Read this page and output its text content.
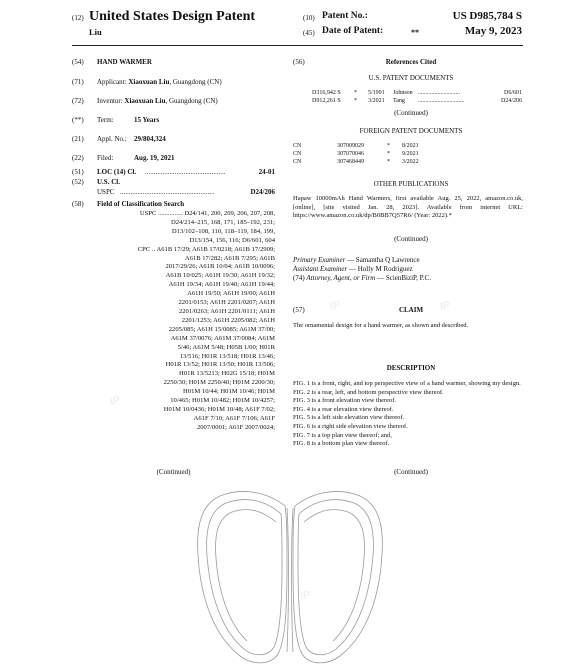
IP	IP
IP
IP
(12) United States Design Patent
Liu
(10) Patent No.:	US D985,784 S
(45) Date of Patent:	**	May 9, 2023
(54) HAND WARMER
(71) Applicant: Xiaoxuan Liu, Guangdong (CN)
(72) Inventor: Xiaoxuan Liu, Guangdong (CN)
(**) Term:	15 Years
(21) Appl. No.: 29/804,324
(22) Filed:	Aug. 19, 2021
(51) LOC (14) Cl. ..............................................	24-01
(52) U.S. Cl.
USPC ......................................................	D24/206
(58) Field of Classification Search
USPC ............... D24/141, 200, 209, 206, 207, 208,
D24/214–215, 168, 171, 185–192, 231;
D13/102–108, 110, 118–119, 184, 199,
D13/154, 156, 116; D6/601, 604
CPC .. A61B 17/29; A61B 17/0218; A61B 17/2909;
A61B 17/282; A61B 7/295; A61B
2017/29/26; A61B 10/04; A61B 10/0096;
A61B 10/025; A61H 19/30; A61H 19/32;
A61H 19/34; A61H 19/40; A61H 19/44;
A61H 19/50; A61H 19/00; A61H
2201/0153; A61H 2201/0207; A61H
2201/0263; A61H 2201/0111; A61H
2201/1253; A61H 2205/082; A61H
2205/085; A61H 15/0085; A61M 37/00;
A61M 37/0076; A61M 37/0084; A61M
5/46; A61M 5/48; H05B 1/00; H01R
13/516; H01R 13/518; H01R 13/46;
H01R 13/52; H01R 13/50; H01R 13/506;
H01R 13/5213; H02G 15/18; H01M
2250/30; H01M 2250/40; H01M 2200/30;
H01M 10/44; H01M 10/46; H01M
10/465; H01M 10/482; H01M 10/4257;
H01M 10/0436; H01M 10/48; A61F 7/02;
A61F 7/10; A61F 7/106; A61F
2007/0001; A61F 2007/0024;
(Continued)
(56)	References Cited
U.S. PATENT DOCUMENTS
D316,942 S * 5/1991 Johnson ............................	D6/601
D912,261 S * 3/2021 Tang ...............................	D24/206
(Continued)
FOREIGN PATENT DOCUMENTS
CN	307009029	* 8/2021
CN	307070046	* 9/2021
CN	307468449	* 3/2022
OTHER PUBLICATIONS
Hapaw 10000mAh Hand Warmers, first available Aug. 25, 2022, amazon.co.uk, [online], [site visited Jan. 28, 2023]. Available from internet URL: https://www.amazon.co.uk/dp/B0BB7Q57R6/ (Year: 2022).*
(Continued)
Primary Examiner — Samantha Q Lawrence
Assistant Examiner — Holly M Rodriguez
(74) Attorney, Agent, or Firm — ScienBiziP, P.C.
(57)	CLAIM
The ornamental design for a hand warmer, as shown and described.
DESCRIPTION
FIG. 1 is a front, right, and top perspective view of a hand warmer, showing my design.
FIG. 2 is a rear, left, and bottom perspective view thereof.
FIG. 3 is a front elevation view thereof.
FIG. 4 is a rear elevation view thereof.
FIG. 5 is a left side elevation view thereof.
FIG. 6 is a right side elevation view thereof.
FIG. 7 is a top plan view thereof; and,
FIG. 8 is a bottom plan view thereof.
(Continued)
